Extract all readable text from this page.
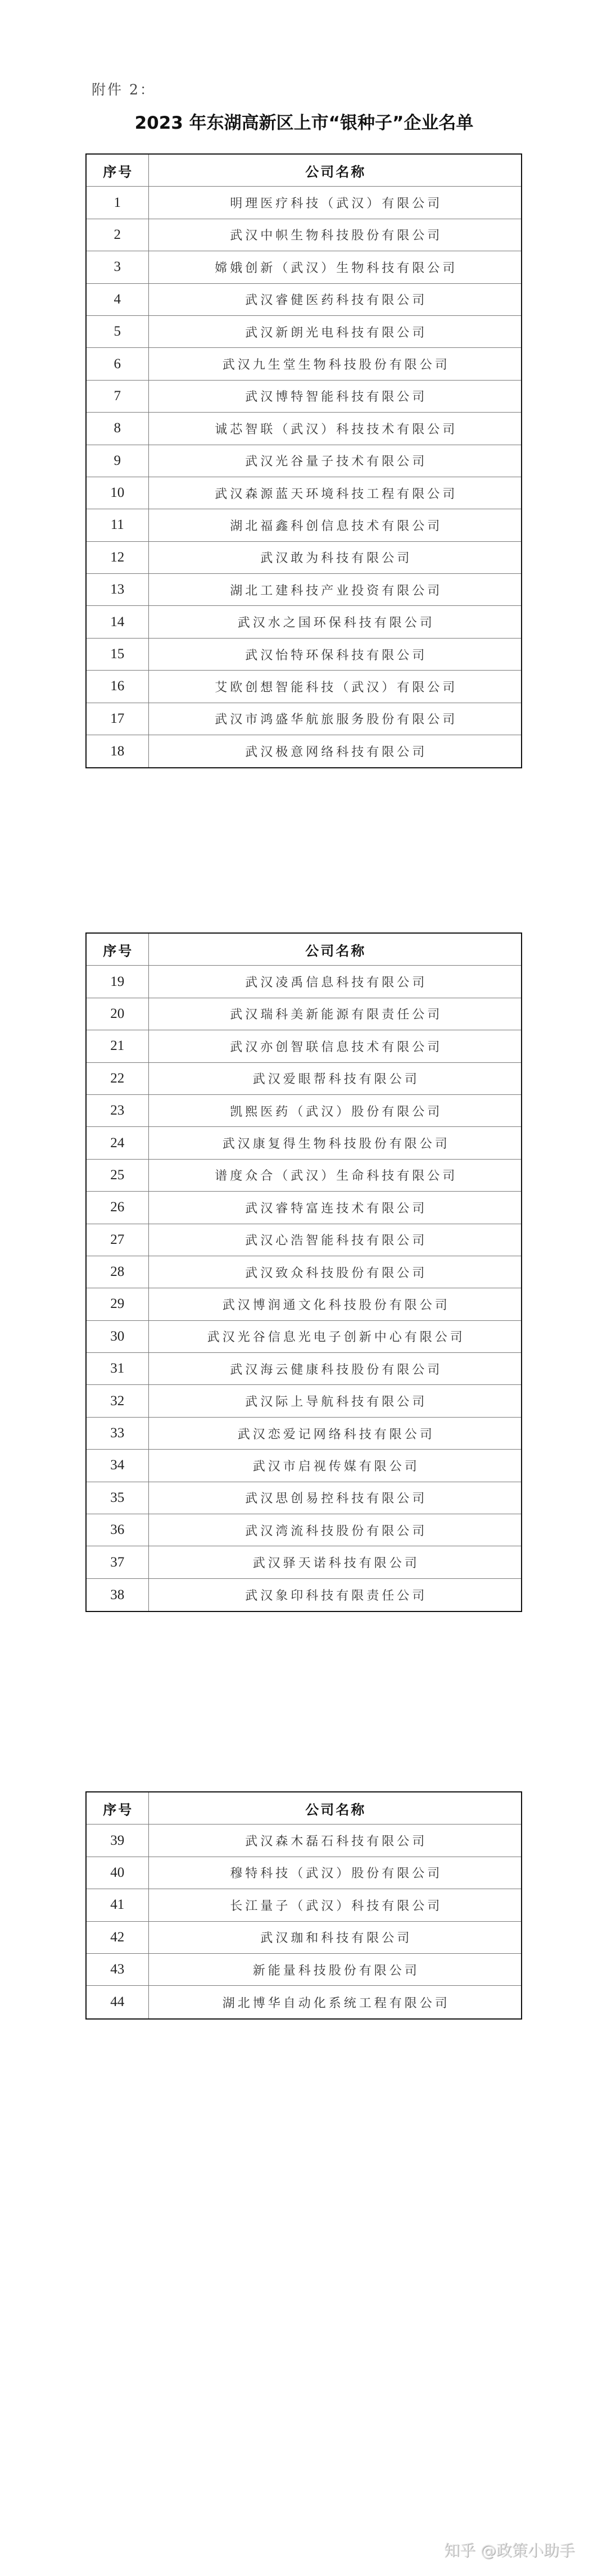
附件 2：
2023 年东湖高新区上市“银种子”企业名单
序号	公司名称
1	明理医疗科技（武汉）有限公司
2	武汉中帜生物科技股份有限公司
3	嫦娥创新（武汉）生物科技有限公司
4	武汉睿健医药科技有限公司
5	武汉新朗光电科技有限公司
6	武汉九生堂生物科技股份有限公司
7	武汉博特智能科技有限公司
8	诚芯智联（武汉）科技技术有限公司
9	武汉光谷量子技术有限公司
10	武汉森源蓝天环境科技工程有限公司
11	湖北福鑫科创信息技术有限公司
12	武汉敢为科技有限公司
13	湖北工建科技产业投资有限公司
14	武汉水之国环保科技有限公司
15	武汉怡特环保科技有限公司
16	艾欧创想智能科技（武汉）有限公司
17	武汉市鸿盛华航旅服务股份有限公司
18	武汉极意网络科技有限公司
序号	公司名称
19	武汉凌禹信息科技有限公司
20	武汉瑞科美新能源有限责任公司
21	武汉亦创智联信息技术有限公司
22	武汉爱眼帮科技有限公司
23	凯熙医药（武汉）股份有限公司
24	武汉康复得生物科技股份有限公司
25	谱度众合（武汉）生命科技有限公司
26	武汉睿特富连技术有限公司
27	武汉心浩智能科技有限公司
28	武汉致众科技股份有限公司
29	武汉博润通文化科技股份有限公司
30	武汉光谷信息光电子创新中心有限公司
31	武汉海云健康科技股份有限公司
32	武汉际上导航科技有限公司
33	武汉恋爱记网络科技有限公司
34	武汉市启视传媒有限公司
35	武汉思创易控科技有限公司
36	武汉湾流科技股份有限公司
37	武汉驿天诺科技有限公司
38	武汉象印科技有限责任公司
序号	公司名称
39	武汉森木磊石科技有限公司
40	穆特科技（武汉）股份有限公司
41	长江量子（武汉）科技有限公司
42	武汉珈和科技有限公司
43	新能量科技股份有限公司
44	湖北博华自动化系统工程有限公司
知乎 @政策小助手
